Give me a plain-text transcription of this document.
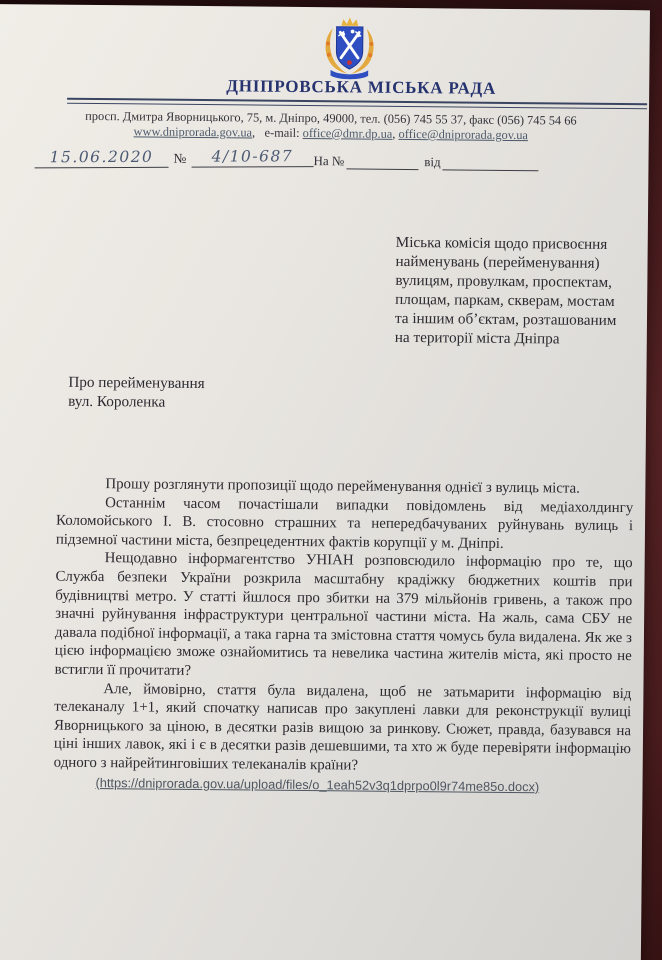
ДНІПРОВСЬКА МІСЬКА РАДА
просп. Дмитра Яворницького, 75, м. Дніпро, 49000, тел. (056) 745 55 37, факс (056) 745 54 66
www.dniprorada.gov.ua, e-mail: office@dmr.dp.ua, office@dniprorada.gov.ua
15.06.2020 № 4/10-687	На №	від
Міська комісія щодо присвоєння
найменувань (перейменування)
вулицям, провулкам, проспектам,
площам, паркам, скверам, мостам
та іншим об’єктам, розташованим
на території міста Дніпра
Про перейменування
вул. Короленка

Прошу розглянути пропозиції щодо перейменування однієї з вулиць міста.

Останнім часом почастішали випадки повідомлень від медіахолдингу Коломойського І. В. стосовно страшних та непередбачуваних руйнувань вулиць і підземної частини міста, безпрецедентних фактів корупції у м. Дніпрі.

Нещодавно інформагентство УНІАН розповсюдило інформацію про те, що Служба безпеки України розкрила масштабну крадіжку бюджетних коштів при будівництві метро. У статті йшлося про збитки на 379 мільйонів гривень, а також про значні руйнування інфраструктури центральної частини міста. На жаль, сама СБУ не давала подібної інформації, а така гарна та змістовна стаття чомусь була видалена. Як же з цією інформацією зможе ознайомитись та невелика частина жителів міста, які просто не встигли її прочитати?

Але, ймовірно, стаття була видалена, щоб не затьмарити інформацію від телеканалу 1+1, який спочатку написав про закуплені лавки для реконструкції вулиці Яворницького за ціною, в десятки разів вищою за ринкову. Сюжет, правда, базувався на ціні інших лавок, які і є в десятки разів дешевшими, та хто ж буде перевіряти інформацію одного з найрейтинговіших телеканалів країни?

(https://dniprorada.gov.ua/upload/files/o_1eah52v3q1dprpo0l9r74me85o.docx)
